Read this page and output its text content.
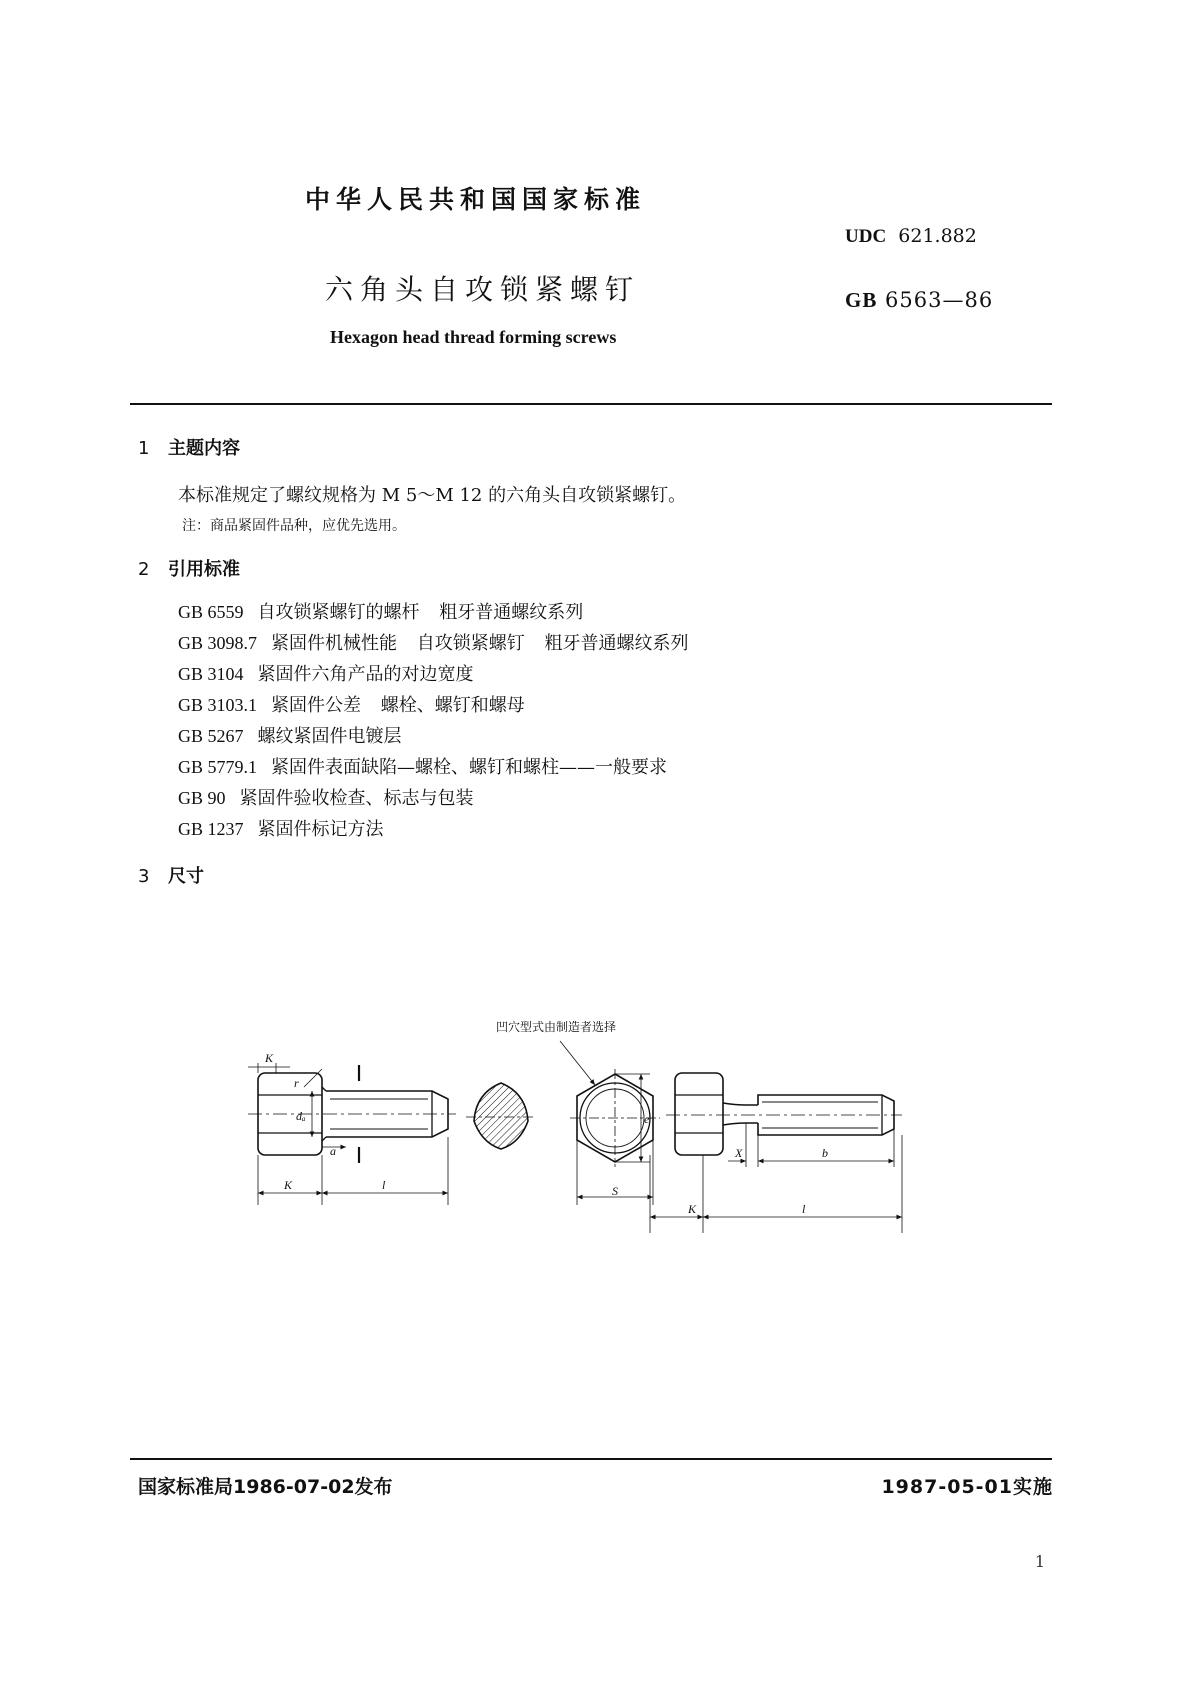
中华人民共和国国家标准
UDC 621.882
六角头自攻锁紧螺钉	GB 6563—86
Hexagon head thread forming screws
1 主题内容
本标准规定了螺纹规格为 M 5～M 12 的六角头自攻锁紧螺钉。
注：商品紧固件品种，应优先选用。
2 引用标准
GB 6559 自攻锁紧螺钉的螺杆 粗牙普通螺纹系列
GB 3098.7 紧固件机械性能 自攻锁紧螺钉 粗牙普通螺纹系列
GB 3104 紧固件六角产品的对边宽度
GB 3103.1 紧固件公差 螺栓、螺钉和螺母
GB 5267 螺纹紧固件电镀层
GB 5779.1 紧固件表面缺陷—螺栓、螺钉和螺柱——一般要求
GB 90 紧固件验收检查、标志与包装
GB 1237 紧固件标记方法
3 尺寸
K
r
dₐ
a
K	l
凹穴型式由制造者选择
e
S
X	b
K	l
国家标准局1986-07-02发布	1987-05-01实施
1
